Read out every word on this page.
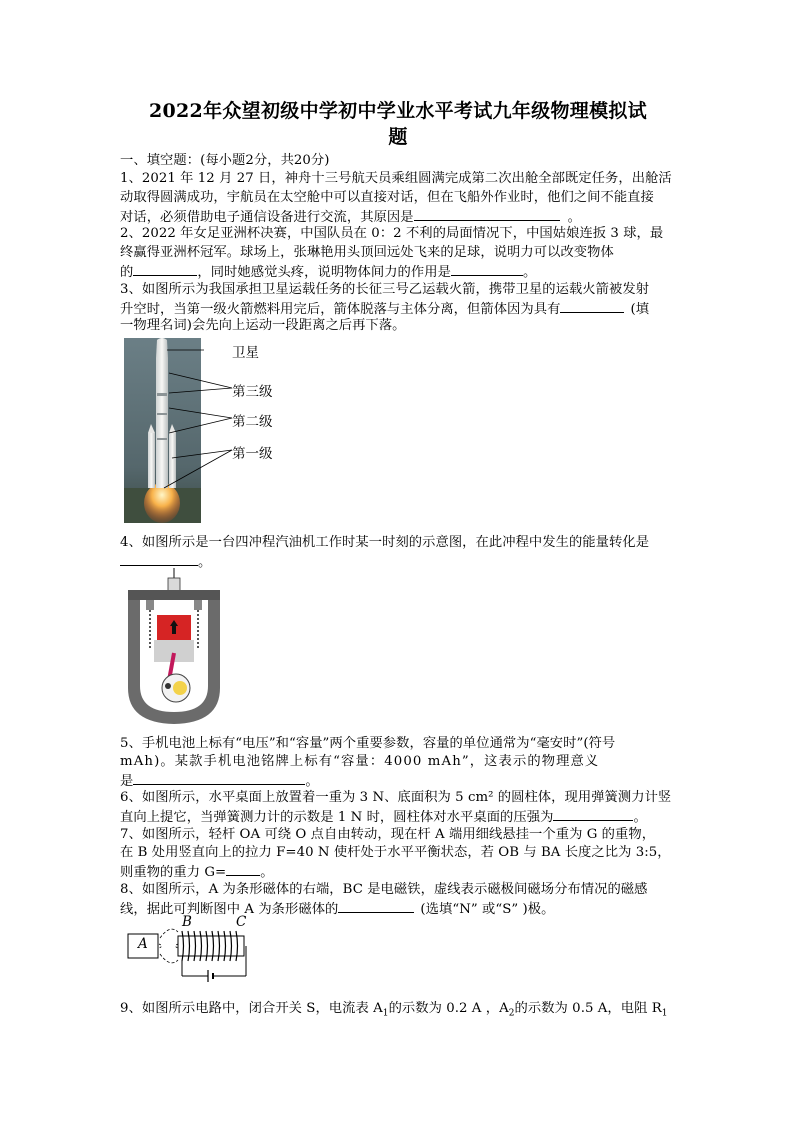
2022年众望初级中学初中学业水平考试九年级物理模拟试
题
一、填空题：(每小题2分，共20分)
1、2021 年 12 月 27 日，神舟十三号航天员乘组圆满完成第二次出舱全部既定任务，出舱活
动取得圆满成功，宇航员在太空舱中可以直接对话，但在飞船外作业时，他们之间不能直接
对话，必须借助电子通信设备进行交流，其原因是	。
2、2022 年女足亚洲杯决赛，中国队员在 0：2 不利的局面情况下，中国姑娘连扳 3 球，最
终赢得亚洲杯冠军。球场上，张琳艳用头顶回远处飞来的足球，说明力可以改变物体
的	，同时她感觉头疼，说明物体间力的作用是	。
3、如图所示为我国承担卫星运载任务的长征三号乙运载火箭，携带卫星的运载火箭被发射
升空时，当第一级火箭燃料用完后，箭体脱落与主体分离，但箭体因为具有	(填
一物理名词)会先向上运动一段距离之后再下落。
卫星
第三级
第二级
第一级
4、如图所示是一台四冲程汽油机工作时某一时刻的示意图，在此冲程中发生的能量转化是
。
5、手机电池上标有“电压”和“容量”两个重要参数，容量的单位通常为“毫安时”(符号
mAh)。某款手机电池铭牌上标有“容量：4000 mAh”，这表示的物理意义
是	。
6、如图所示，水平桌面上放置着一重为 3 N、底面积为 5 cm² 的圆柱体，现用弹簧测力计竖
直向上提它，当弹簧测力计的示数是 1 N 时，圆柱体对水平桌面的压强为	。
7、如图所示，轻杆 OA 可绕 O 点自由转动，现在杆 A 端用细线悬挂一个重为 G 的重物，
在 B 处用竖直向上的拉力 F=40 N 使杆处于水平平衡状态，若 OB 与 BA 长度之比为 3:5，
则重物的重力 G=	。
8、如图所示，A 为条形磁体的右端，BC 是电磁铁，虚线表示磁极间磁场分布情况的磁感
线，据此可判断图中 A 为条形磁体的	(选填“N” 或“S” )极。
A
B	C
9、如图所示电路中，闭合开关 S，电流表 $A_1$的示数为 0.2 A ，$A_2$的示数为 0.5 A，电阻 $R_1$
